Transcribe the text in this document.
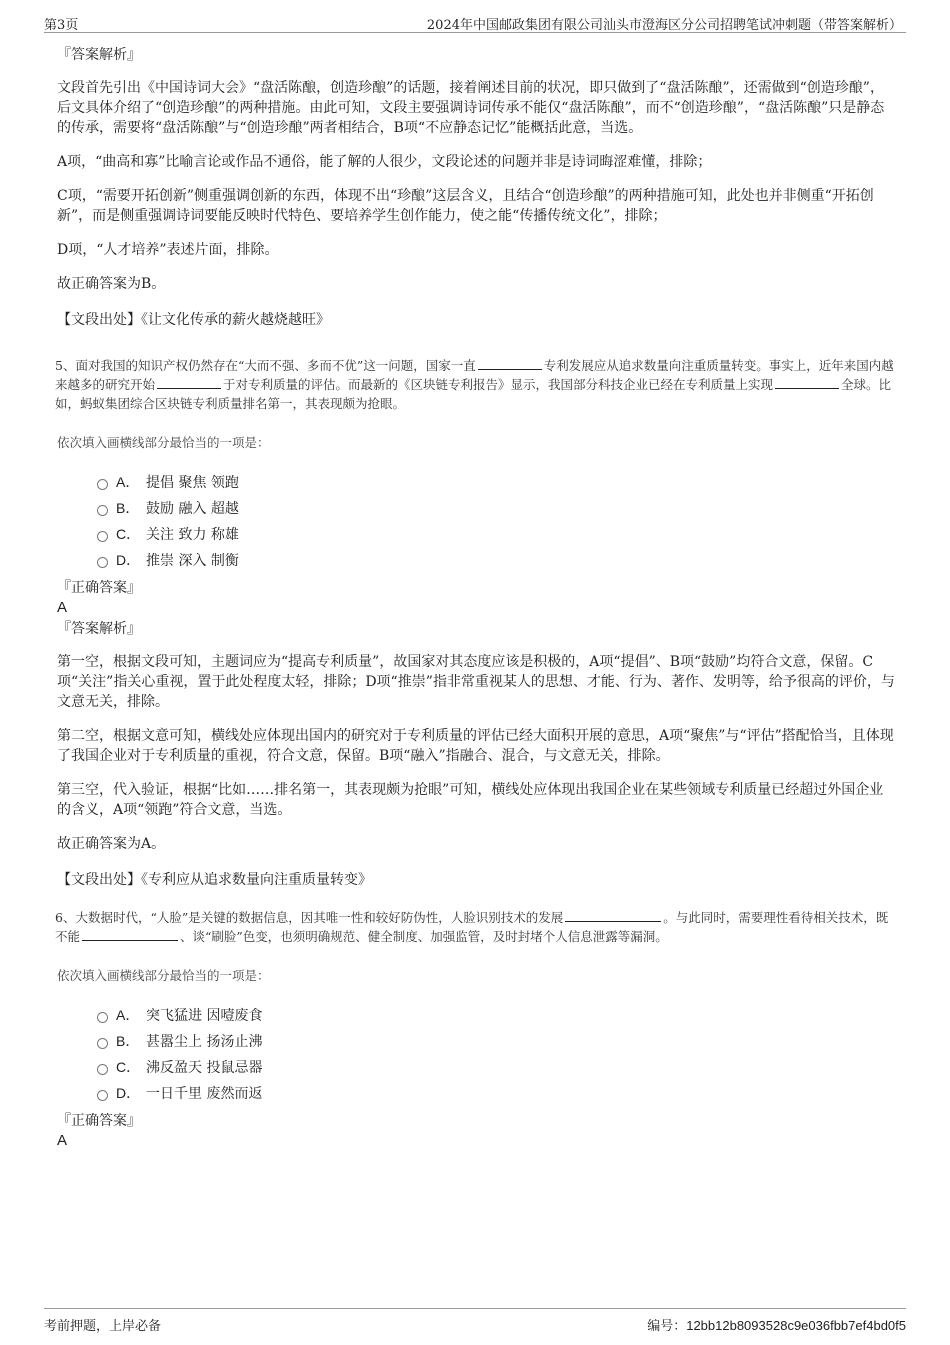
第3页	2024年中国邮政集团有限公司汕头市澄海区分公司招聘笔试冲刺题（带答案解析）
『答案解析』

文段首先引出《中国诗词大会》“盘活陈酿，创造珍酿”的话题，接着阐述目前的状况，即只做到了“盘活陈酿”，还需做到“创造珍酿”，后文具体介绍了“创造珍酿”的两种措施。由此可知，文段主要强调诗词传承不能仅“盘活陈酿”，而不“创造珍酿”，“盘活陈酿”只是静态的传承，需要将“盘活陈酿”与“创造珍酿”两者相结合，B项“不应静态记忆”能概括此意，当选。

A项，“曲高和寡”比喻言论或作品不通俗，能了解的人很少，文段论述的问题并非是诗词晦涩难懂，排除；

C项，“需要开拓创新”侧重强调创新的东西，体现不出“珍酿”这层含义，且结合“创造珍酿”的两种措施可知，此处也并非侧重“开拓创新”，而是侧重强调诗词要能反映时代特色、要培养学生创作能力，使之能“传播传统文化”，排除；

D项，“人才培养”表述片面，排除。

故正确答案为B。

【文段出处】《让文化传承的薪火越烧越旺》
5、面对我国的知识产权仍然存在“大而不强、多而不优”这一问题，国家一直	专利发展应从追求数量向注重质量转变。事实上，近年来国内越来越多的研究开始	于对专利质量的评估。而最新的《区块链专利报告》显示，我国部分科技企业已经在专利质量上实现	全球。比如，蚂蚁集团综合区块链专利质量排名第一，其表现颇为抢眼。
依次填入画横线部分最恰当的一项是：
A． 提倡 聚焦 领跑
B． 鼓励 融入 超越
C． 关注 致力 称雄
D． 推崇 深入 制衡
『正确答案』
A
『答案解析』

第一空，根据文段可知，主题词应为“提高专利质量”，故国家对其态度应该是积极的，A项“提倡”、B项“鼓励”均符合文意，保留。C项“关注”指关心重视，置于此处程度太轻，排除；D项“推崇”指非常重视某人的思想、才能、行为、著作、发明等，给予很高的评价，与文意无关，排除。

第二空，根据文意可知，横线处应体现出国内的研究对于专利质量的评估已经大面积开展的意思，A项“聚焦”与“评估”搭配恰当，且体现了我国企业对于专利质量的重视，符合文意，保留。B项“融入”指融合、混合，与文意无关，排除。

第三空，代入验证，根据“比如……排名第一，其表现颇为抢眼”可知，横线处应体现出我国企业在某些领域专利质量已经超过外国企业的含义，A项“领跑”符合文意，当选。

故正确答案为A。

【文段出处】《专利应从追求数量向注重质量转变》
6、大数据时代，“人脸”是关键的数据信息，因其唯一性和较好防伪性，人脸识别技术的发展	。与此同时，需要理性看待相关技术，既不能	、谈“刷脸”色变，也须明确规范、健全制度、加强监管，及时封堵个人信息泄露等漏洞。
依次填入画横线部分最恰当的一项是：
A． 突飞猛进 因噎废食
B． 甚嚣尘上 扬汤止沸
C． 沸反盈天 投鼠忌器
D． 一日千里 废然而返
『正确答案』
A
考前押题，上岸必备	编号：12bb12b8093528c9e036fbb7ef4bd0f5
